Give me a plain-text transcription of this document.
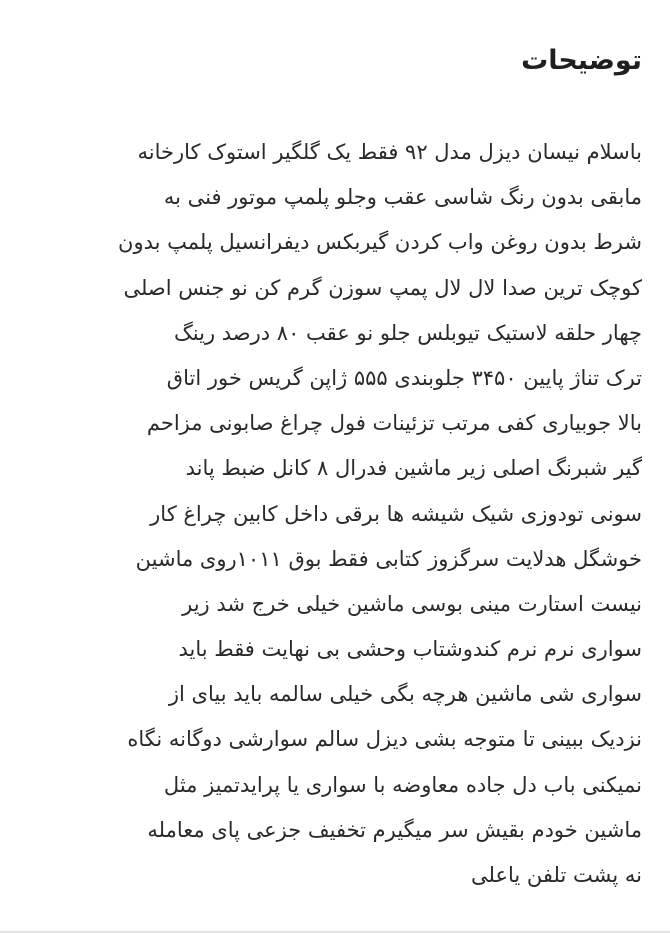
توضیحات
باسلام نیسان دیزل مدل ۹۲ فقط یک گلگیر استوک کارخانه
مابقی بدون رنگ شاسی عقب وجلو پلمپ موتور فنی به
شرط بدون روغن واب کردن گیربکس دیفرانسیل پلمپ بدون
کوچک ترین صدا لال لال پمپ سوزن گرم کن نو جنس اصلی
چهار حلقه لاستیک تیوبلس جلو نو عقب ۸۰ درصد رینگ
ترک تناژ پایین ۳۴۵۰ جلوبندی ۵۵۵ ژاپن گریس خور اتاق
بالا جوبیاری کفی مرتب تزئینات فول چراغ صابونی مزاحم
گیر شبرنگ اصلی زیر ماشین فدرال ۸ کانل ضبط پاند
سونی تودوزی شیک شیشه ها برقی داخل کابین چراغ کار
خوشگل هدلایت سرگزوز کتابی فقط بوق ۱۰۱۱روی ماشین
نیست استارت مینی بوسی ماشین خیلی خرج شد زیر
سواری نرم نرم کندوشتاب وحشی بی نهایت فقط باید
سواری شی ماشین هرچه بگی خیلی سالمه باید بیای از
نزدیک ببینی تا متوجه بشی دیزل سالم سوارشی دوگانه نگاه
نمیکنی باب دل جاده معاوضه با سواری یا پرایدتمیز مثل
ماشین خودم بقیش سر میگیرم تخفیف جزعی پای معامله
نه پشت تلفن یاعلی
